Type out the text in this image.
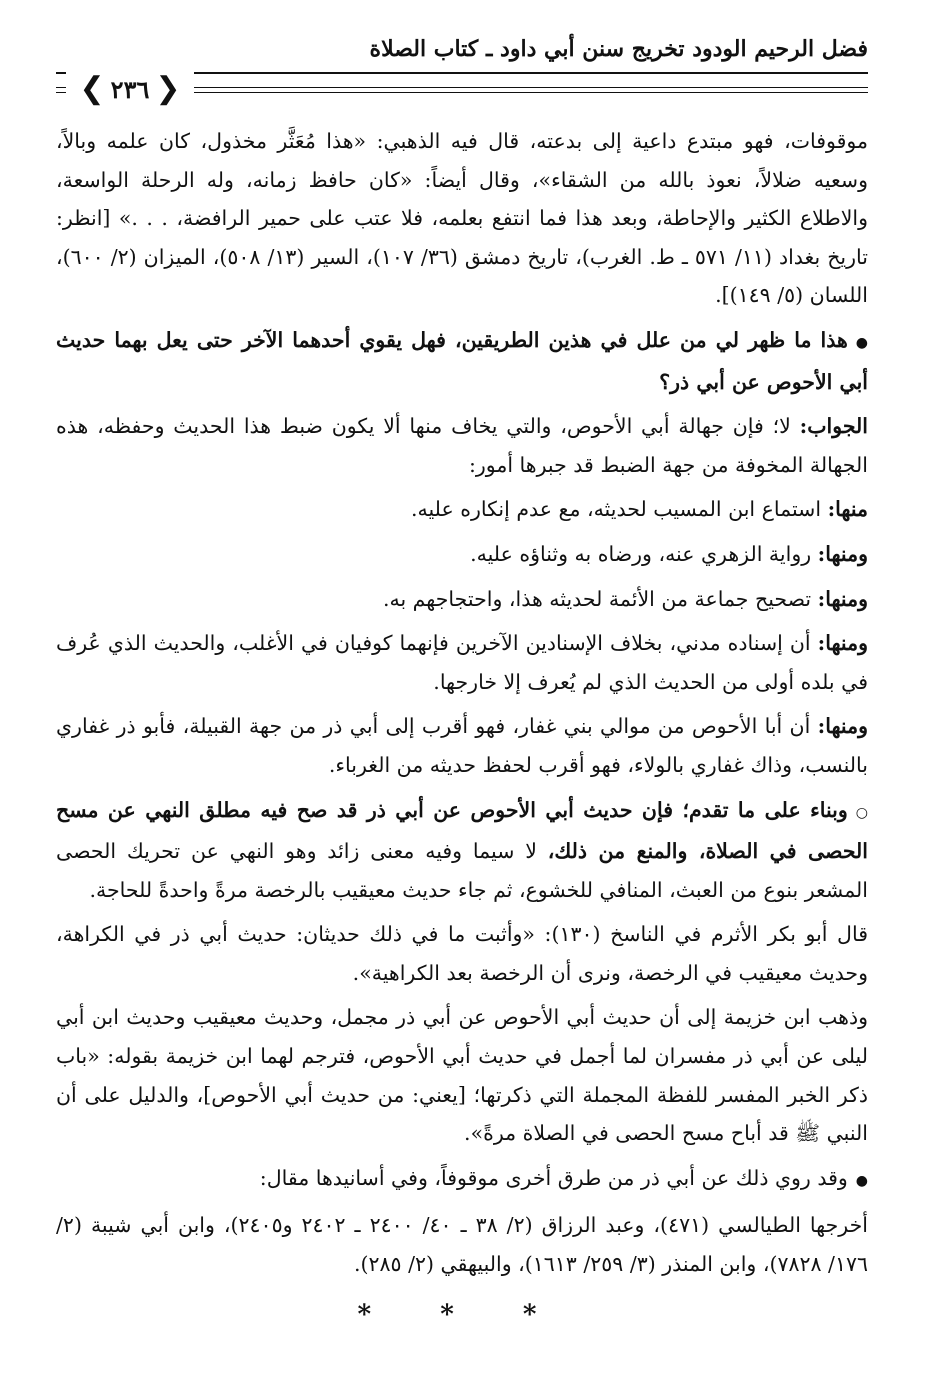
فضل الرحيم الودود تخريج سنن أبي داود ـ كتاب الصلاة
❮
٢٣٦
❯

موقوفات، فهو مبتدع داعية إلى بدعته، قال فيه الذهبي: «هذا مُعَثَّر مخذول، كان علمه وبالاً، وسعيه ضلالاً، نعوذ بالله من الشقاء»، وقال أيضاً: «كان حافظ زمانه، وله الرحلة الواسعة، والاطلاع الكثير والإحاطة، وبعد هذا فما انتفع بعلمه، فلا عتب على حمير الرافضة، . . .» [انظر: تاريخ بغداد (١١/ ٥٧١ ـ ط. الغرب)، تاريخ دمشق (٣٦/ ١٠٧)، السير (١٣/ ٥٠٨)، الميزان (٢/ ٦٠٠)، اللسان (٥/ ١٤٩)].

●هذا ما ظهر لي من علل في هذين الطريقين، فهل يقوي أحدهما الآخر حتى يعل بهما حديث أبي الأحوص عن أبي ذر؟

الجواب: لا؛ فإن جهالة أبي الأحوص، والتي يخاف منها ألا يكون ضبط هذا الحديث وحفظه، هذه الجهالة المخوفة من جهة الضبط قد جبرها أمور:

منها: استماع ابن المسيب لحديثه، مع عدم إنكاره عليه.

ومنها: رواية الزهري عنه، ورضاه به وثناؤه عليه.

ومنها: تصحيح جماعة من الأئمة لحديثه هذا، واحتجاجهم به.

ومنها: أن إسناده مدني، بخلاف الإسنادين الآخرين فإنهما كوفيان في الأغلب، والحديث الذي عُرف في بلده أولى من الحديث الذي لم يُعرف إلا خارجها.

ومنها: أن أبا الأحوص من موالي بني غفار، فهو أقرب إلى أبي ذر من جهة القبيلة، فأبو ذر غفاري بالنسب، وذاك غفاري بالولاء، فهو أقرب لحفظ حديثه من الغرباء.

○وبناء على ما تقدم؛ فإن حديث أبي الأحوص عن أبي ذر قد صح فيه مطلق النهي عن مسح الحصى في الصلاة، والمنع من ذلك، لا سيما وفيه معنى زائد وهو النهي عن تحريك الحصى المشعر بنوع من العبث، المنافي للخشوع، ثم جاء حديث معيقيب بالرخصة مرةً واحدةً للحاجة.

قال أبو بكر الأثرم في الناسخ (١٣٠): «وأثبت ما في ذلك حديثان: حديث أبي ذر في الكراهة، وحديث معيقيب في الرخصة، ونرى أن الرخصة بعد الكراهية».

وذهب ابن خزيمة إلى أن حديث أبي الأحوص عن أبي ذر مجمل، وحديث معيقيب وحديث ابن أبي ليلى عن أبي ذر مفسران لما أجمل في حديث أبي الأحوص، فترجم لهما ابن خزيمة بقوله: «باب ذكر الخبر المفسر للفظة المجملة التي ذكرتها؛ [يعني: من حديث أبي الأحوص]، والدليل على أن النبي ﷺ قد أباح مسح الحصى في الصلاة مرةً».

●وقد روي ذلك عن أبي ذر من طرق أخرى موقوفاً، وفي أسانيدها مقال:

أخرجها الطيالسي (٤٧١)، وعبد الرزاق (٢/ ٣٨ ـ ٤٠/ ٢٤٠٠ ـ ٢٤٠٢ و٢٤٠٥)، وابن أبي شيبة (٢/ ١٧٦/ ٧٨٢٨)، وابن المنذر (٣/ ٢٥٩/ ١٦١٣)، والبيهقي (٢/ ٢٨٥).

* * *
